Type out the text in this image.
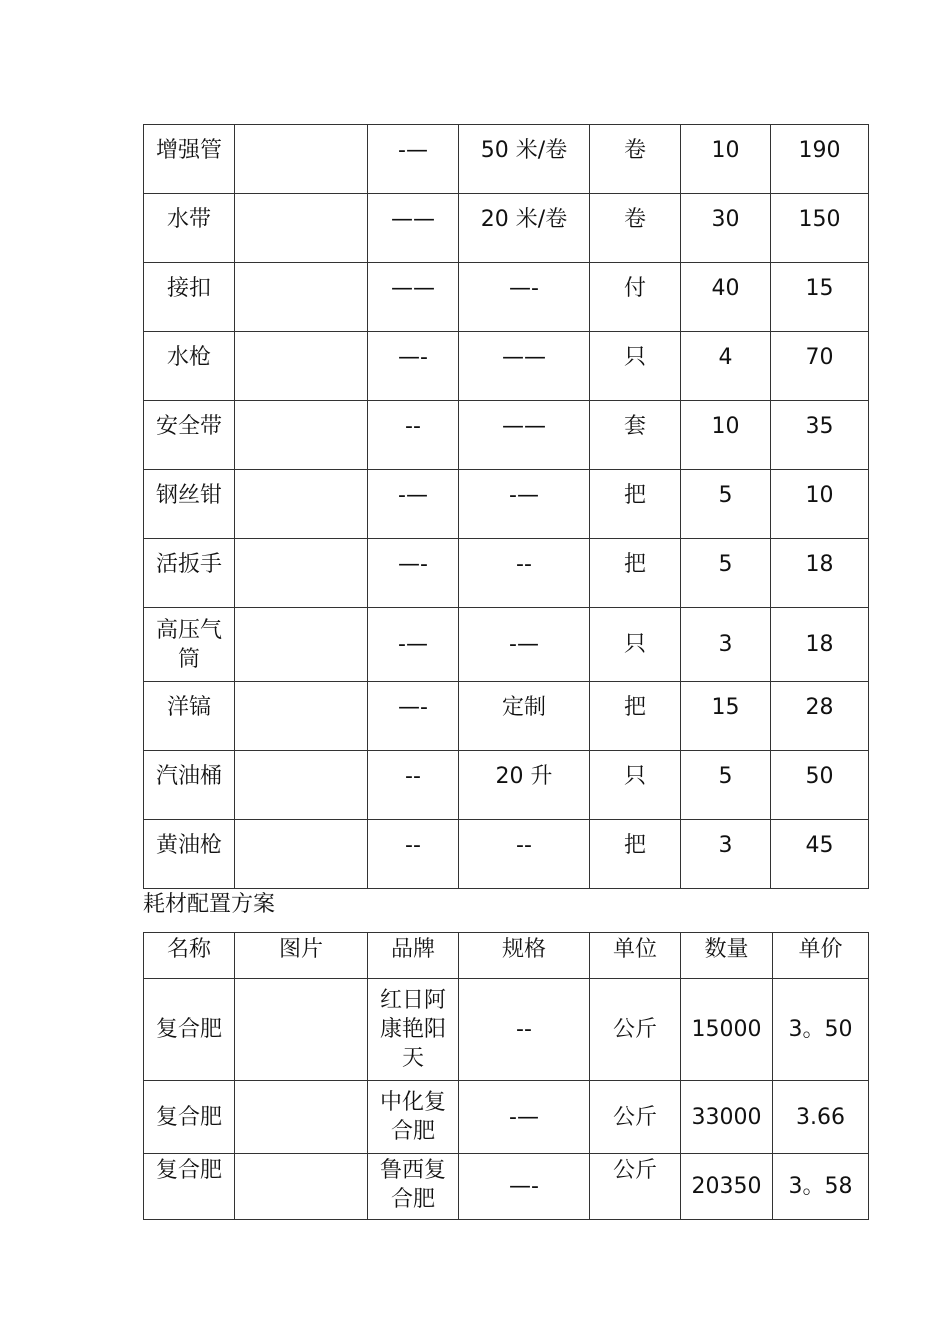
增强管		-—	50 米/卷	卷	10	190
水带		——	20 米/卷	卷	30	150
接扣		——	—-	付	40	15
水枪		—-	——	只	4	70
安全带		--	——	套	10	35
钢丝钳		-—	-—	把	5	10
活扳手		—-	--	把	5	18
高压气筒		-—	-—	只	3	18
洋镐		—-	定制	把	15	28
汽油桶		--	20 升	只	5	50
黄油枪		--	--	把	3	45
耗材配置方案
名称	图片	品牌	规格	单位	数量	单价
复合肥		红日阿康艳阳天	--	公斤	15000	3。50
复合肥		中化复合肥	-—	公斤	33000	3.66
复合肥		鲁西复合肥	—-	公斤	20350	3。58
